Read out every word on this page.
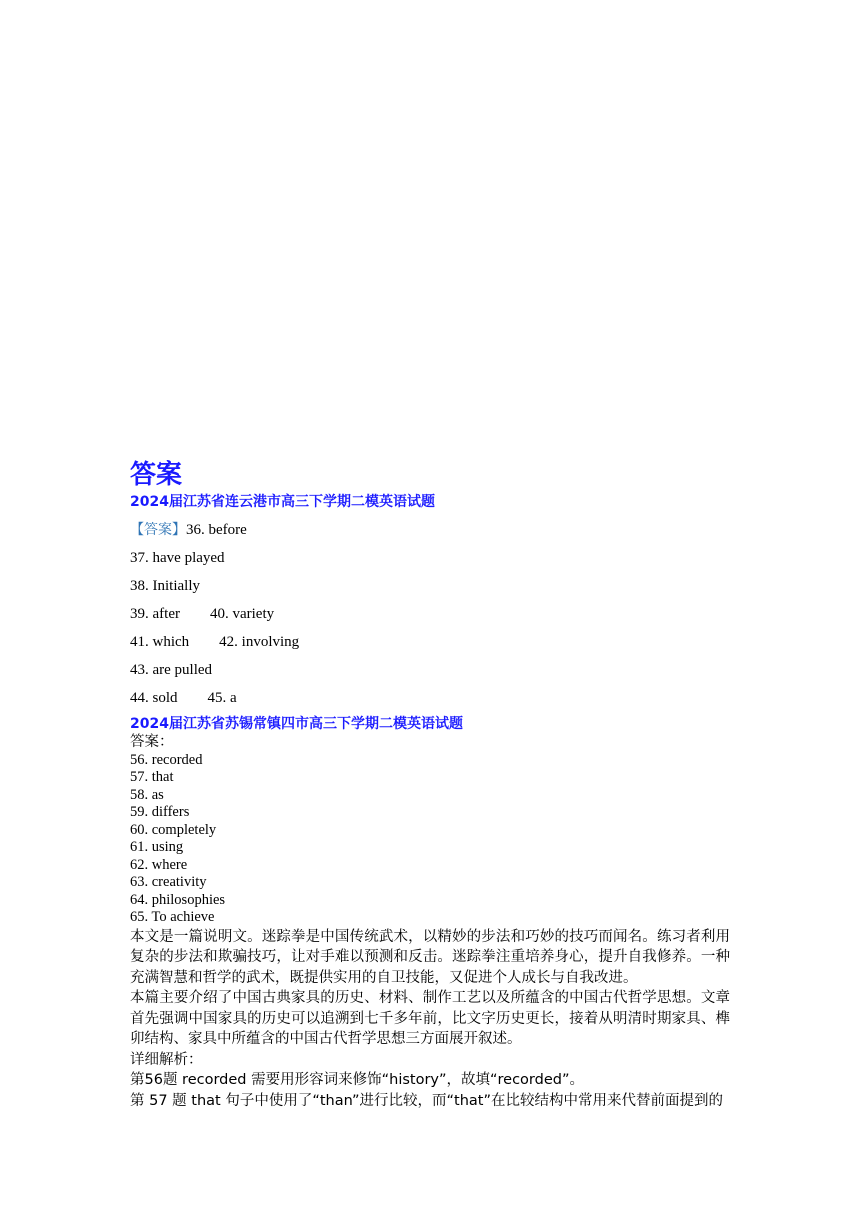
答案
2024届江苏省连云港市高三下学期二模英语试题
【答案】36. before
37. have played
38. Initially
39. after 40. variety
41. which 42. involving
43. are pulled
44. sold 45. a
2024届江苏省苏锡常镇四市高三下学期二模英语试题
答案：
56. recorded
57. that
58. as
59. differs
60. completely
61. using
62. where
63. creativity
64. philosophies
65. To achieve

本文是一篇说明文。迷踪拳是中国传统武术，以精妙的步法和巧妙的技巧而闻名。练习者利用复杂的步法和欺骗技巧，让对手难以预测和反击。迷踪拳注重培养身心，提升自我修养。一种充满智慧和哲学的武术，既提供实用的自卫技能，又促进个人成长与自我改进。

本篇主要介绍了中国古典家具的历史、材料、制作工艺以及所蕴含的中国古代哲学思想。文章首先强调中国家具的历史可以追溯到七千多年前，比文字历史更长，接着从明清时期家具、榫卯结构、家具中所蕴含的中国古代哲学思想三方面展开叙述。

详细解析：

第56题 recorded 需要用形容词来修饰“history”，故填“recorded”。

第 57 题 that 句子中使用了“than”进行比较，而“that”在比较结构中常用来代替前面提到的
